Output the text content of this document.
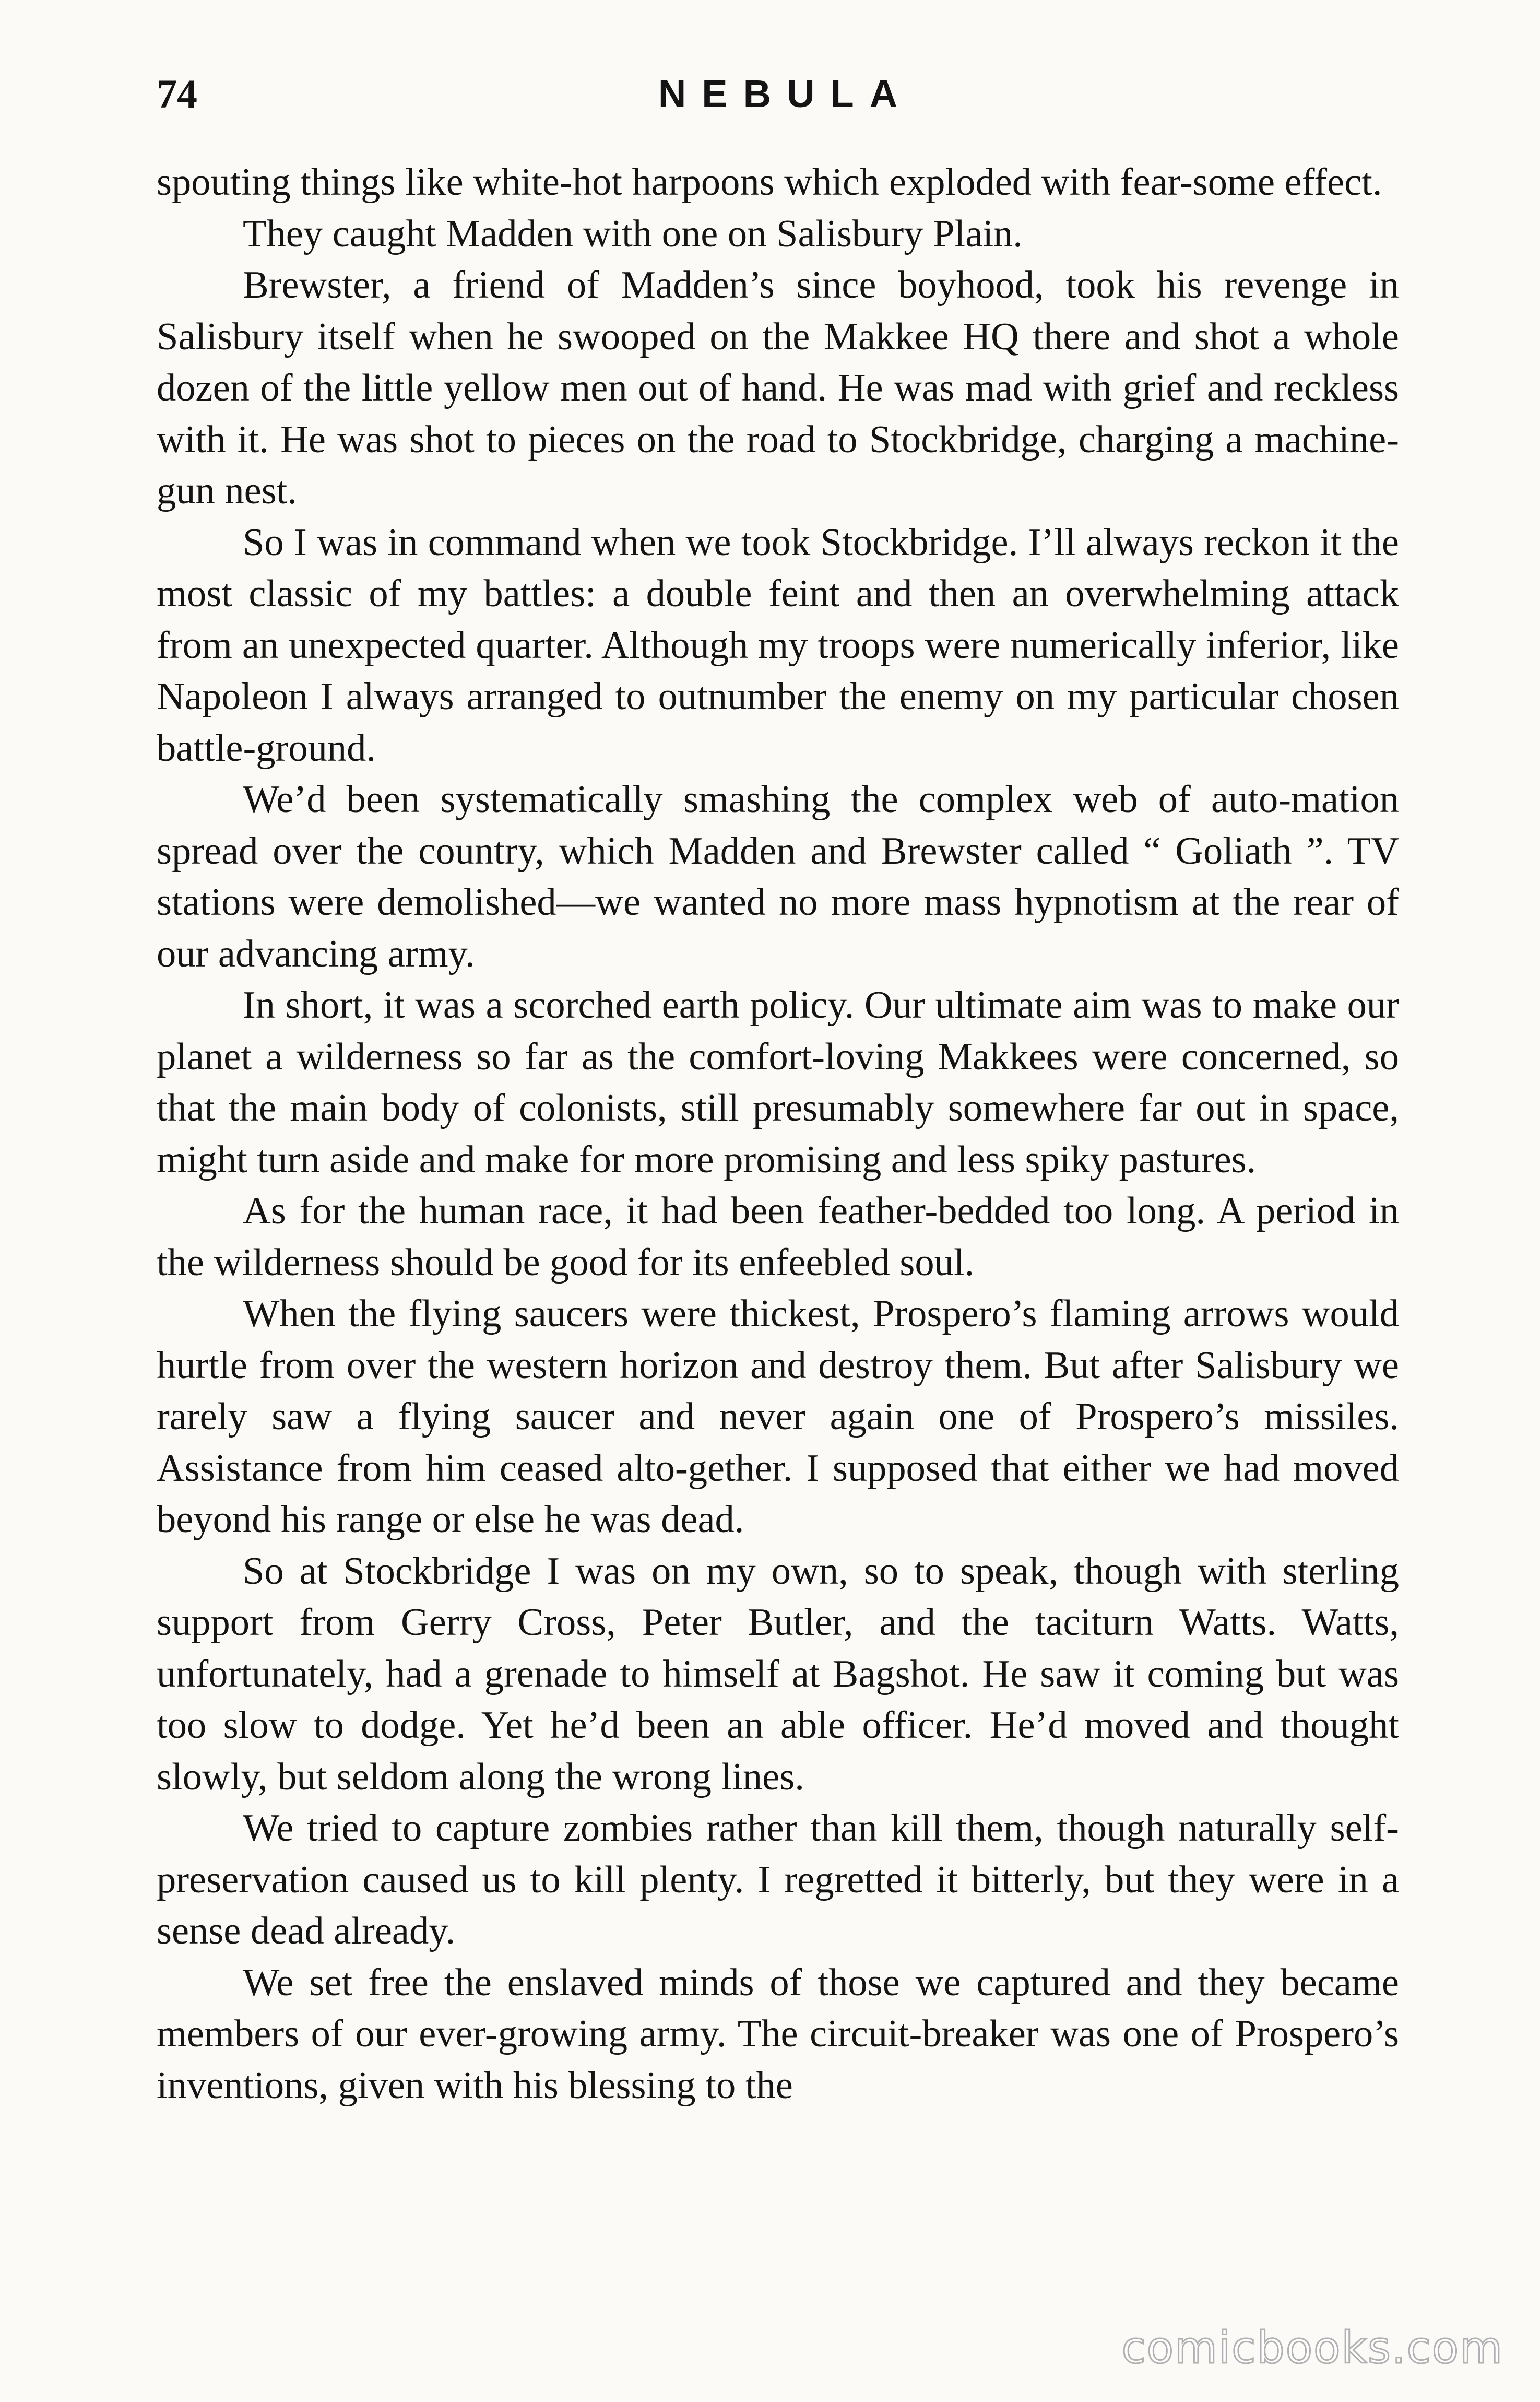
74	NEBULA

spouting things like white-hot harpoons which exploded with fear-some effect.

They caught Madden with one on Salisbury Plain.

Brewster, a friend of Madden’s since boyhood, took his revenge in Salisbury itself when he swooped on the Makkee HQ there and shot a whole dozen of the little yellow men out of hand. He was mad with grief and reckless with it. He was shot to pieces on the road to Stockbridge, charging a machine-gun nest.

So I was in command when we took Stockbridge. I’ll always reckon it the most classic of my battles: a double feint and then an overwhelming attack from an unexpected quarter. Although my troops were numerically inferior, like Napoleon I always arranged to outnumber the enemy on my particular chosen battle-ground.

We’d been systematically smashing the complex web of auto-mation spread over the country, which Madden and Brewster called “ Goliath ”. TV stations were demolished—we wanted no more mass hypnotism at the rear of our advancing army.

In short, it was a scorched earth policy. Our ultimate aim was to make our planet a wilderness so far as the comfort-loving Makkees were concerned, so that the main body of colonists, still presumably somewhere far out in space, might turn aside and make for more promising and less spiky pastures.

As for the human race, it had been feather-bedded too long. A period in the wilderness should be good for its enfeebled soul.

When the flying saucers were thickest, Prospero’s flaming arrows would hurtle from over the western horizon and destroy them. But after Salisbury we rarely saw a flying saucer and never again one of Prospero’s missiles. Assistance from him ceased alto-gether. I supposed that either we had moved beyond his range or else he was dead.

So at Stockbridge I was on my own, so to speak, though with sterling support from Gerry Cross, Peter Butler, and the taciturn Watts. Watts, unfortunately, had a grenade to himself at Bagshot. He saw it coming but was too slow to dodge. Yet he’d been an able officer. He’d moved and thought slowly, but seldom along the wrong lines.

We tried to capture zombies rather than kill them, though naturally self-preservation caused us to kill plenty. I regretted it bitterly, but they were in a sense dead already.

We set free the enslaved minds of those we captured and they became members of our ever-growing army. The circuit-breaker was one of Prospero’s inventions, given with his blessing to the

comicbooks.com
